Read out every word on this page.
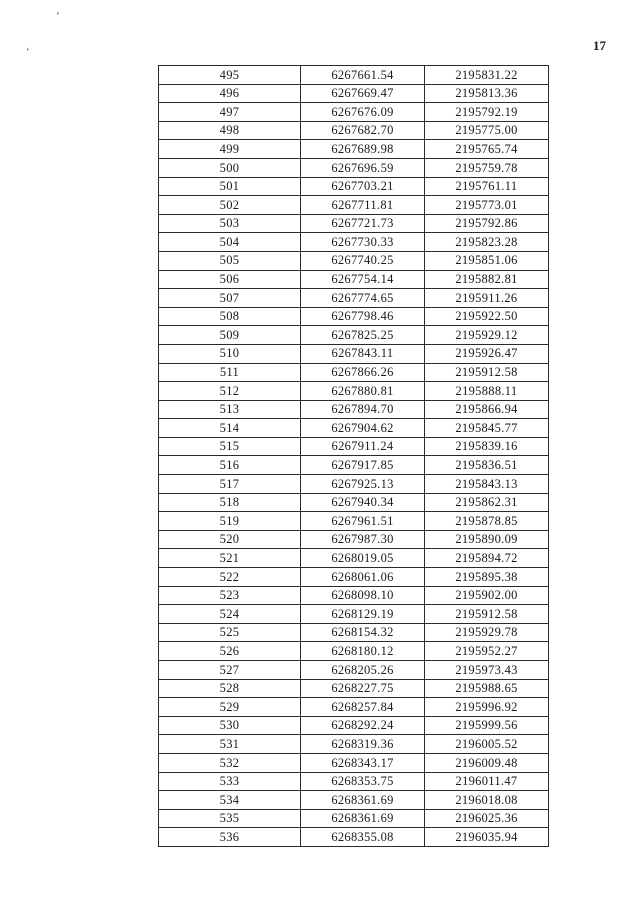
‘
‘	17
495	6267661.54	2195831.22
496	6267669.47	2195813.36
497	6267676.09	2195792.19
498	6267682.70	2195775.00
499	6267689.98	2195765.74
500	6267696.59	2195759.78
501	6267703.21	2195761.11
502	6267711.81	2195773.01
503	6267721.73	2195792.86
504	6267730.33	2195823.28
505	6267740.25	2195851.06
506	6267754.14	2195882.81
507	6267774.65	2195911.26
508	6267798.46	2195922.50
509	6267825.25	2195929.12
510	6267843.11	2195926.47
511	6267866.26	2195912.58
512	6267880.81	2195888.11
513	6267894.70	2195866.94
514	6267904.62	2195845.77
515	6267911.24	2195839.16
516	6267917.85	2195836.51
517	6267925.13	2195843.13
518	6267940.34	2195862.31
519	6267961.51	2195878.85
520	6267987.30	2195890.09
521	6268019.05	2195894.72
522	6268061.06	2195895.38
523	6268098.10	2195902.00
524	6268129.19	2195912.58
525	6268154.32	2195929.78
526	6268180.12	2195952.27
527	6268205.26	2195973.43
528	6268227.75	2195988.65
529	6268257.84	2195996.92
530	6268292.24	2195999.56
531	6268319.36	2196005.52
532	6268343.17	2196009.48
533	6268353.75	2196011.47
534	6268361.69	2196018.08
535	6268361.69	2196025.36
536	6268355.08	2196035.94
